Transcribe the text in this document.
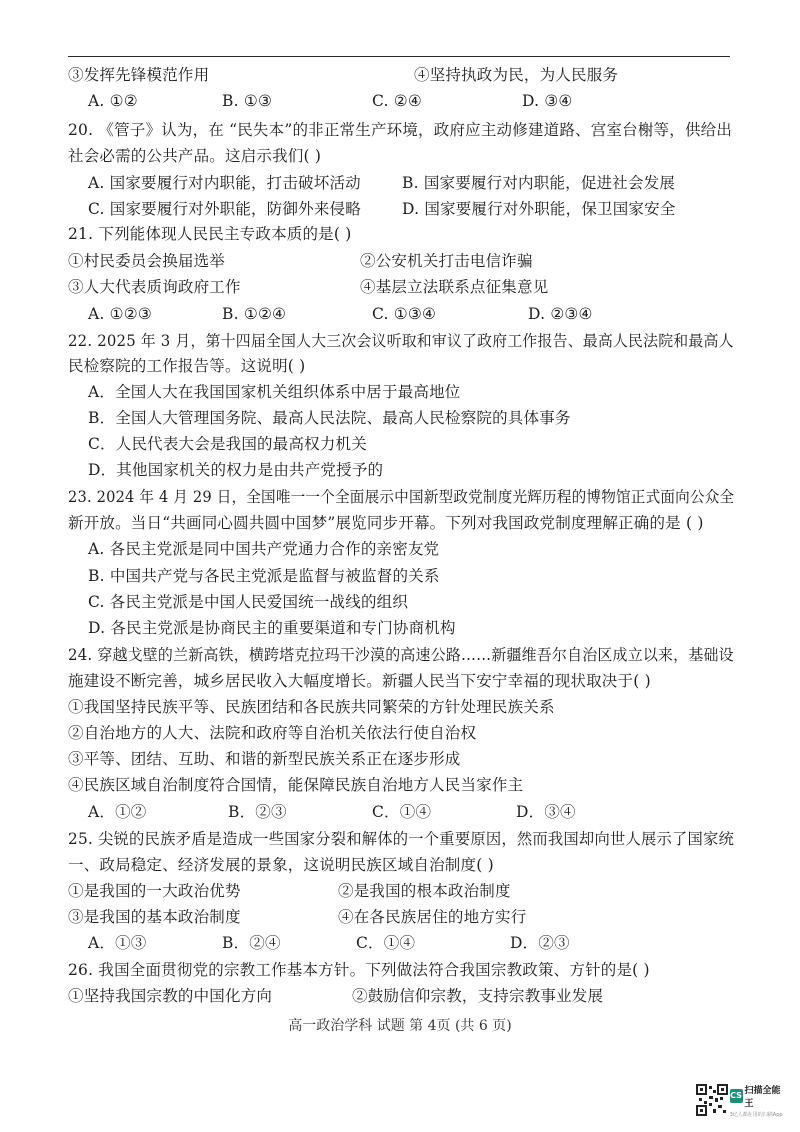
③发挥先锋模范作用	④坚持执政为民，为人民服务
A. ①②	B. ①③	C. ②④	D. ③④
20. 《管子》认为，在 “民失本”的非正常生产环境，政府应主动修建道路、宫室台榭等，供给出
社会必需的公共产品。这启示我们( )
A. 国家要履行对内职能，打击破坏活动	B. 国家要履行对内职能，促进社会发展
C. 国家要履行对外职能，防御外来侵略	D. 国家要履行对外职能，保卫国家安全
21. 下列能体现人民民主专政本质的是( )
①村民委员会换届选举	②公安机关打击电信诈骗
③人大代表质询政府工作	④基层立法联系点征集意见
A. ①②③	B. ①②④	C. ①③④	D. ②③④
22. 2025 年 3 月，第十四届全国人大三次会议听取和审议了政府工作报告、最高人民法院和最高人
民检察院的工作报告等。这说明( )
A．全国人大在我国国家机关组织体系中居于最高地位
B．全国人大管理国务院、最高人民法院、最高人民检察院的具体事务
C．人民代表大会是我国的最高权力机关
D．其他国家机关的权力是由共产党授予的
23. 2024 年 4 月 29 日，全国唯一一个全面展示中国新型政党制度光辉历程的博物馆正式面向公众全
新开放。当日“共画同心圆共圆中国梦”展览同步开幕。下列对我国政党制度理解正确的是 ( )
A. 各民主党派是同中国共产党通力合作的亲密友党
B. 中国共产党与各民主党派是监督与被监督的关系
C. 各民主党派是中国人民爱国统一战线的组织
D. 各民主党派是协商民主的重要渠道和专门协商机构
24. 穿越戈壁的兰新高铁，横跨塔克拉玛干沙漠的高速公路……新疆维吾尔自治区成立以来，基础设
施建设不断完善，城乡居民收入大幅度增长。新疆人民当下安宁幸福的现状取决于( )
①我国坚持民族平等、民族团结和各民族共同繁荣的方针处理民族关系
②自治地方的人大、法院和政府等自治机关依法行使自治权
③平等、团结、互助、和谐的新型民族关系正在逐步形成
④民族区域自治制度符合国情，能保障民族自治地方人民当家作主
A．①②	B．②③	C．①④	D．③④
25. 尖锐的民族矛盾是造成一些国家分裂和解体的一个重要原因，然而我国却向世人展示了国家统
一、政局稳定、经济发展的景象，这说明民族区域自治制度( )
①是我国的一大政治优势	②是我国的根本政治制度
③是我国的基本政治制度	④在各民族居住的地方实行
A．①③	B．②④	C．①④	D．②③
26. 我国全面贯彻党的宗教工作基本方针。下列做法符合我国宗教政策、方针的是( )
①坚持我国宗教的中国化方向	②鼓励信仰宗教，支持宗教事业发展
高一政治学科 试题 第 4页 (共 6 页)
CS 扫描全能王
3亿人都在用的扫描App
